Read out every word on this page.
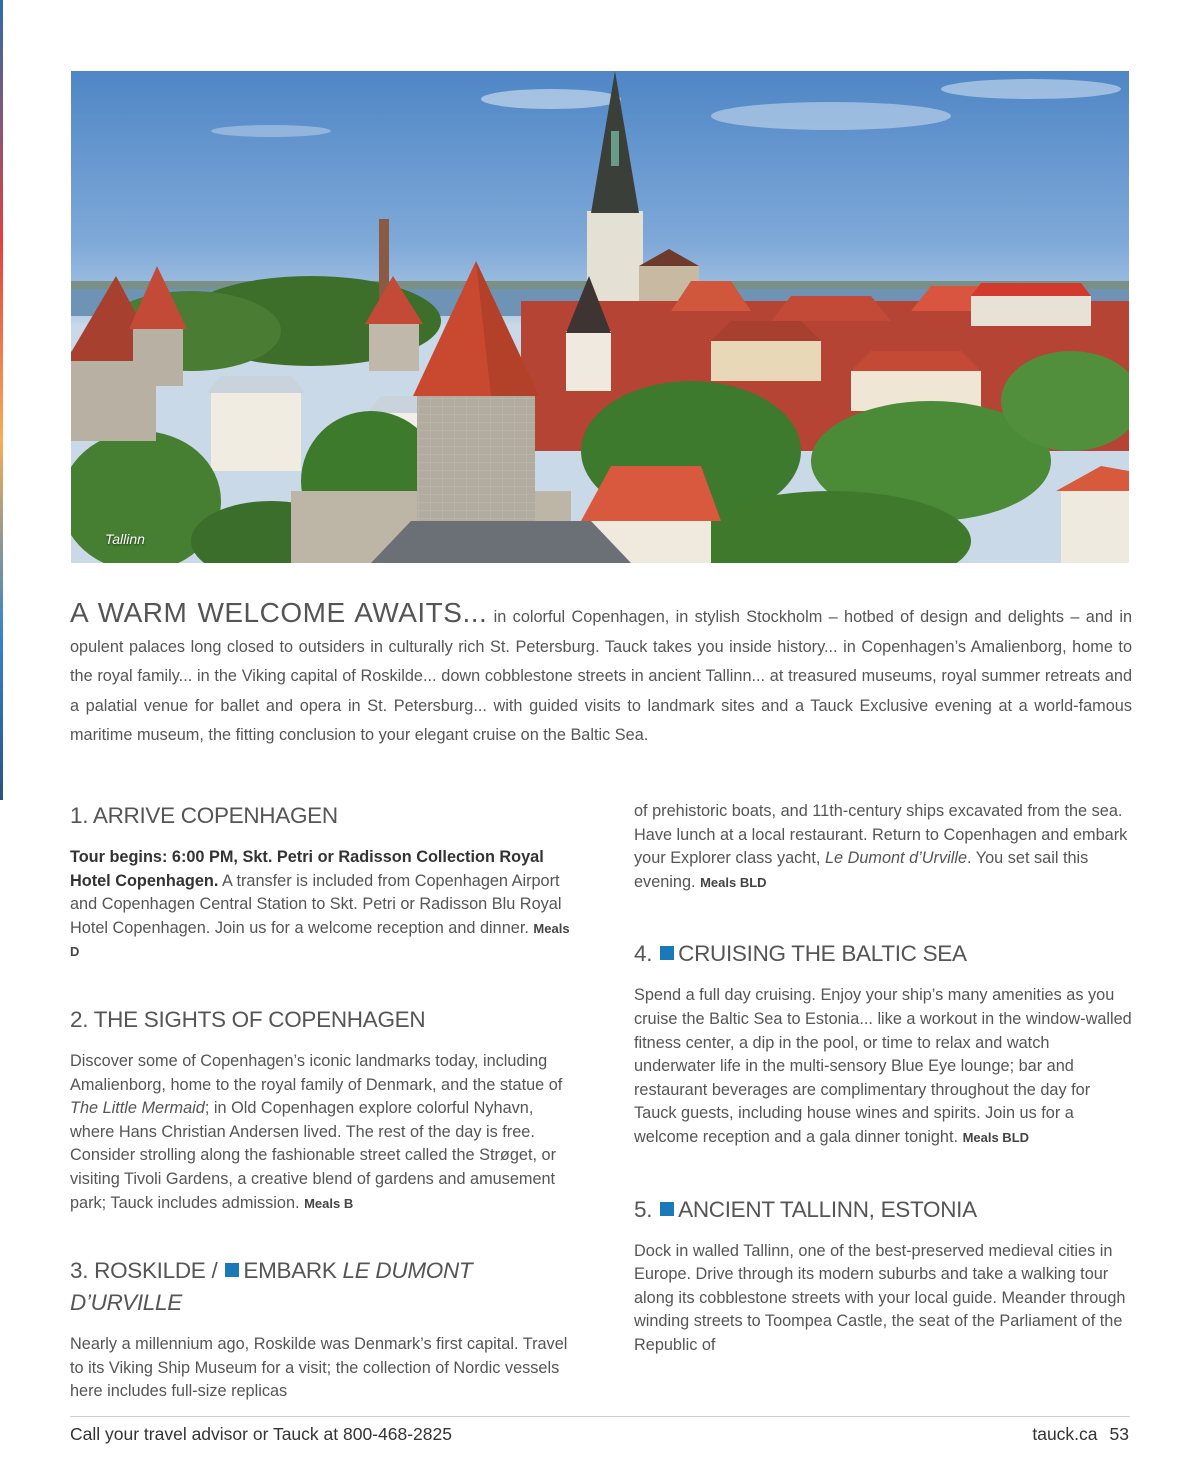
Tallinn
A WARM WELCOME AWAITS... in colorful Copenhagen, in stylish Stockholm – hotbed of design and delights – and in opulent palaces long closed to outsiders in culturally rich St. Petersburg. Tauck takes you inside history... in Copenhagen’s Amalienborg, home to the royal family... in the Viking capital of Roskilde... down cobblestone streets in ancient Tallinn... at treasured museums, royal summer retreats and a palatial venue for ballet and opera in St. Petersburg... with guided visits to landmark sites and a Tauck Exclusive evening at a world-famous maritime museum, the fitting conclusion to your elegant cruise on the Baltic Sea.
1. ARRIVE COPENHAGEN

Tour begins: 6:00 PM, Skt. Petri or Radisson Collection Royal Hotel Copenhagen. A transfer is included from Copenhagen Airport and Copenhagen Central Station to Skt. Petri or Radisson Blu Royal Hotel Copenhagen. Join us for a welcome reception and dinner. Meals D

2. THE SIGHTS OF COPENHAGEN

Discover some of Copenhagen’s iconic landmarks today, including Amalienborg, home to the royal family of Denmark, and the statue of The Little Mermaid; in Old Copenhagen explore colorful Nyhavn, where Hans Christian Andersen lived. The rest of the day is free. Consider strolling along the fashionable street called the Strøget, or visiting Tivoli Gardens, a creative blend of gardens and amusement park; Tauck includes admission. Meals B

3. ROSKILDE / EMBARK LE DUMONT D’URVILLE

Nearly a millennium ago, Roskilde was Denmark’s first capital. Travel to its Viking Ship Museum for a visit; the collection of Nordic vessels here includes full-size replicas

of prehistoric boats, and 11th-century ships excavated from the sea. Have lunch at a local restaurant. Return to Copenhagen and embark your Explorer class yacht, Le Dumont d’Urville. You set sail this evening. Meals BLD

4. CRUISING THE BALTIC SEA

Spend a full day cruising. Enjoy your ship’s many amenities as you cruise the Baltic Sea to Estonia... like a workout in the window-walled fitness center, a dip in the pool, or time to relax and watch underwater life in the multi-sensory Blue Eye lounge; bar and restaurant beverages are complimentary throughout the day for Tauck guests, including house wines and spirits. Join us for a welcome reception and a gala dinner tonight. Meals BLD

5. ANCIENT TALLINN, ESTONIA

Dock in walled Tallinn, one of the best-preserved medieval cities in Europe. Drive through its modern suburbs and take a walking tour along its cobblestone streets with your local guide. Meander through winding streets to Toompea Castle, the seat of the Parliament of the Republic of

Call your travel advisor or Tauck at 800-468-2825	tauck.ca 53
